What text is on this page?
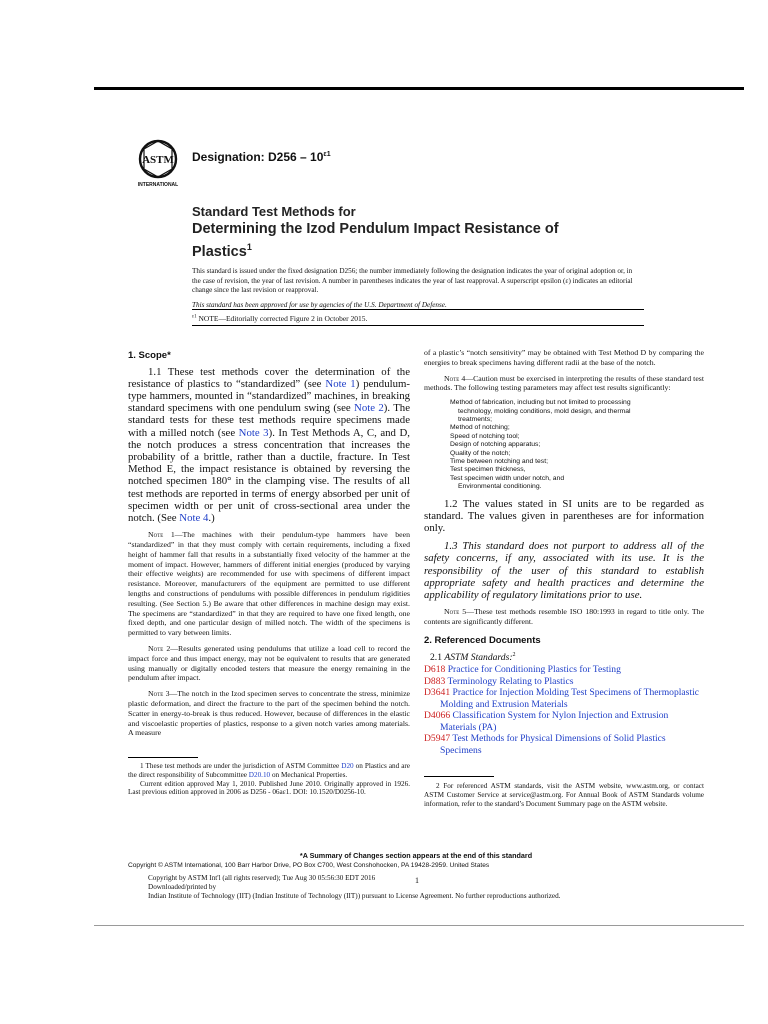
ASTM
INTERNATIONAL
Designation: $D256 - 10^{\varepsilon 1}$
Standard Test Methods for
Determining the Izod Pendulum Impact Resistance of
Plastics$^1$

This standard is issued under the fixed designation D256; the number immediately following the designation indicates the year of original adoption or, in the case of revision, the year of last revision. A number in parentheses indicates the year of last reapproval. A superscript epsilon (ε) indicates an editorial change since the last revision or reapproval.

This standard has been approved for use by agencies of the U.S. Department of Defense.

$^{\varepsilon 1}$ NOTE—Editorially corrected Figure 2 in October 2015.
1. Scope*

1.1 These test methods cover the determination of the resistance of plastics to “standardized” (see Note 1) pendulum-type hammers, mounted in “standardized” machines, in breaking standard specimens with one pendulum swing (see Note 2). The standard tests for these test methods require specimens made with a milled notch (see Note 3). In Test Methods A, C, and D, the notch produces a stress concentration that increases the probability of a brittle, rather than a ductile, fracture. In Test Method E, the impact resistance is obtained by reversing the notched specimen 180° in the clamping vise. The results of all test methods are reported in terms of energy absorbed per unit of specimen width or per unit of cross-sectional area under the notch. (See Note 4.)

Note 1—The machines with their pendulum-type hammers have been “standardized” in that they must comply with certain requirements, including a fixed height of hammer fall that results in a substantially fixed velocity of the hammer at the moment of impact. However, hammers of different initial energies (produced by varying their effective weights) are recommended for use with specimens of different impact resistance. Moreover, manufacturers of the equipment are permitted to use different lengths and constructions of pendulums with possible differences in pendulum rigidities resulting. (See Section 5.) Be aware that other differences in machine design may exist. The specimens are “standardized” in that they are required to have one fixed length, one fixed depth, and one particular design of milled notch. The width of the specimens is permitted to vary between limits.

Note 2—Results generated using pendulums that utilize a load cell to record the impact force and thus impact energy, may not be equivalent to results that are generated using manually or digitally encoded testers that measure the energy remaining in the pendulum after impact.

Note 3—The notch in the Izod specimen serves to concentrate the stress, minimize plastic deformation, and direct the fracture to the part of the specimen behind the notch. Scatter in energy-to-break is thus reduced. However, because of differences in the elastic and viscoelastic properties of plastics, response to a given notch varies among materials. A measure

of a plastic’s “notch sensitivity” may be obtained with Test Method D by comparing the energies to break specimens having different radii at the base of the notch.

Note 4—Caution must be exercised in interpreting the results of these standard test methods. The following testing parameters may affect test results significantly:

Method of fabrication, including but not limited to processing
technology, molding conditions, mold design, and thermal
treatments;
Method of notching;
Speed of notching tool;
Design of notching apparatus;
Quality of the notch;
Time between notching and test;
Test specimen thickness,
Test specimen width under notch, and
Environmental conditioning.

1.2 The values stated in SI units are to be regarded as standard. The values given in parentheses are for information only.

1.3 This standard does not purport to address all of the safety concerns, if any, associated with its use. It is the responsibility of the user of this standard to establish appropriate safety and health practices and determine the applicability of regulatory limitations prior to use.

Note 5—These test methods resemble ISO 180:1993 in regard to title only. The contents are significantly different.

2. Referenced Documents
2.1 ASTM Standards:$^2$
D618 Practice for Conditioning Plastics for Testing
D883 Terminology Relating to Plastics
D3641 Practice for Injection Molding Test Specimens of Thermoplastic Molding and Extrusion Materials
D4066 Classification System for Nylon Injection and Extrusion Materials (PA)
D5947 Test Methods for Physical Dimensions of Solid Plastics Specimens

1 These test methods are under the jurisdiction of ASTM Committee D20 on Plastics and are the direct responsibility of Subcommittee D20.10 on Mechanical Properties.

Current edition approved May 1, 2010. Published June 2010. Originally approved in 1926. Last previous edition approved in 2006 as D256 - 06aε1. DOI: 10.1520/D0256-10.

2 For referenced ASTM standards, visit the ASTM website, www.astm.org, or contact ASTM Customer Service at service@astm.org. For Annual Book of ASTM Standards volume information, refer to the standard’s Document Summary page on the ASTM website.

*A Summary of Changes section appears at the end of this standard
Copyright © ASTM International, 100 Barr Harbor Drive, PO Box C700, West Conshohocken, PA 19428-2959. United States
Copyright by ASTM Int'l (all rights reserved); Tue Aug 30 05:56:30 EDT 2016
Downloaded/printed by
Indian Institute of Technology (IIT) (Indian Institute of Technology (IIT)) pursuant to License Agreement. No further reproductions authorized.
1
